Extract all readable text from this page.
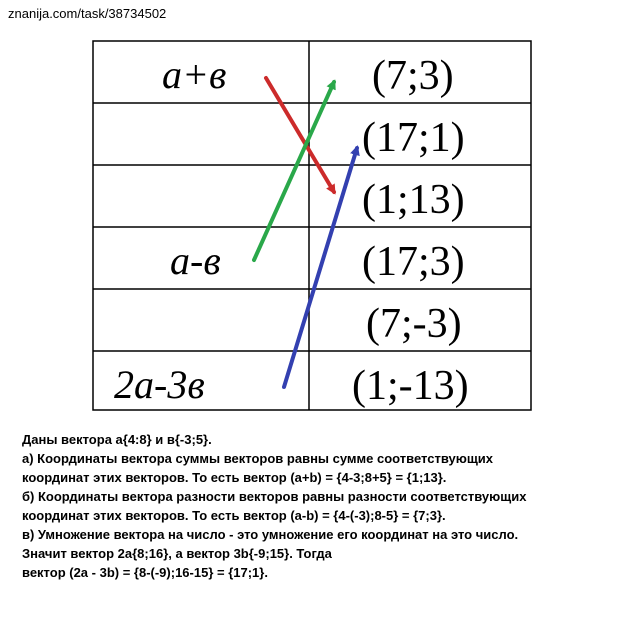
znanija.com/task/38734502
a+в
a-в
2a-3в
(7;3)
(17;1)
(1;13)
(17;3)
(7;-3)
(1;-13)
Даны вектора a{4:8} и в{-3;5}.
а) Координаты вектора суммы векторов равны сумме соответствующих
координат этих векторов. То есть вектор (a+b) = {4-3;8+5} = {1;13}.
б) Координаты вектора разности векторов равны разности соответствующих
координат этих векторов. То есть вектор (a-b) = {4-(-3);8-5} = {7;3}.
в) Умножение вектора на число - это умножение его координат на это число.
Значит вектор 2a{8;16}, а вектор 3b{-9;15}. Тогда
вектор (2a - 3b) = {8-(-9);16-15} = {17;1}.
